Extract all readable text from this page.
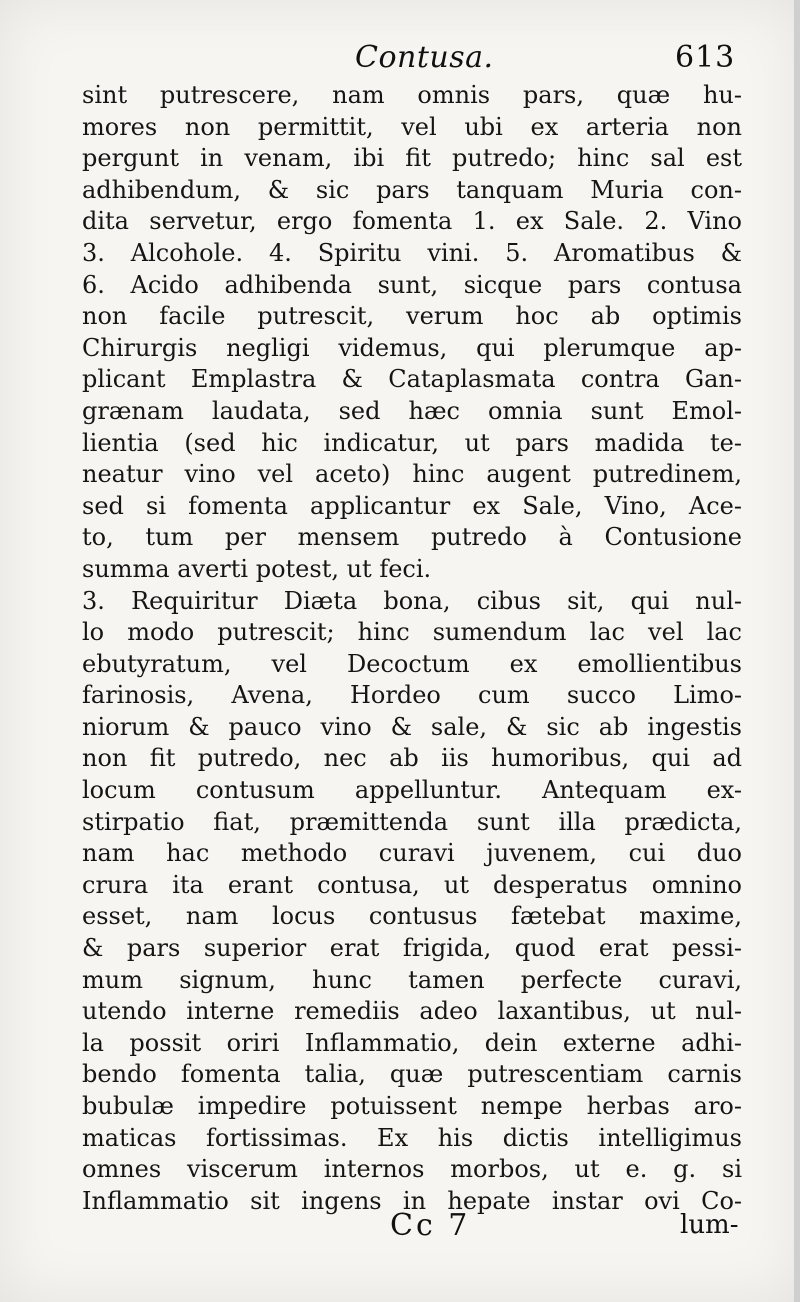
Contusa.	613
sint putrescere, nam omnis pars, quæ hu-
mores non permittit, vel ubi ex arteria non
pergunt in venam, ibi fit putredo; hinc sal est
adhibendum, & sic pars tanquam Muria con-
dita servetur, ergo fomenta 1. ex Sale. 2. Vino
3. Alcohole. 4. Spiritu vini. 5. Aromatibus &
6. Acido adhibenda sunt, sicque pars contusa
non facile putrescit, verum hoc ab optimis
Chirurgis negligi videmus, qui plerumque ap-
plicant Emplastra & Cataplasmata contra Gan-
grænam laudata, sed hæc omnia sunt Emol-
lientia (sed hic indicatur, ut pars madida te-
neatur vino vel aceto) hinc augent putredinem,
sed si fomenta applicantur ex Sale, Vino, Ace-
to, tum per mensem putredo à Contusione
summa averti potest, ut feci.
3. Requiritur Diæta bona, cibus sit, qui nul-
lo modo putrescit; hinc sumendum lac vel lac
ebutyratum, vel Decoctum ex emollientibus
farinosis, Avena, Hordeo cum succo Limo-
niorum & pauco vino & sale, & sic ab ingestis
non fit putredo, nec ab iis humoribus, qui ad
locum contusum appelluntur. Antequam ex-
stirpatio fiat, præmittenda sunt illa prædicta,
nam hac methodo curavi juvenem, cui duo
crura ita erant contusa, ut desperatus omnino
esset, nam locus contusus fætebat maxime,
& pars superior erat frigida, quod erat pessi-
mum signum, hunc tamen perfecte curavi,
utendo interne remediis adeo laxantibus, ut nul-
la possit oriri Inflammatio, dein externe adhi-
bendo fomenta talia, quæ putrescentiam carnis
bubulæ impedire potuissent nempe herbas aro-
maticas fortissimas. Ex his dictis intelligimus
omnes viscerum internos morbos, ut e. g. si
Inflammatio sit ingens in hepate instar ovi Co-
Cc 7	lum-
